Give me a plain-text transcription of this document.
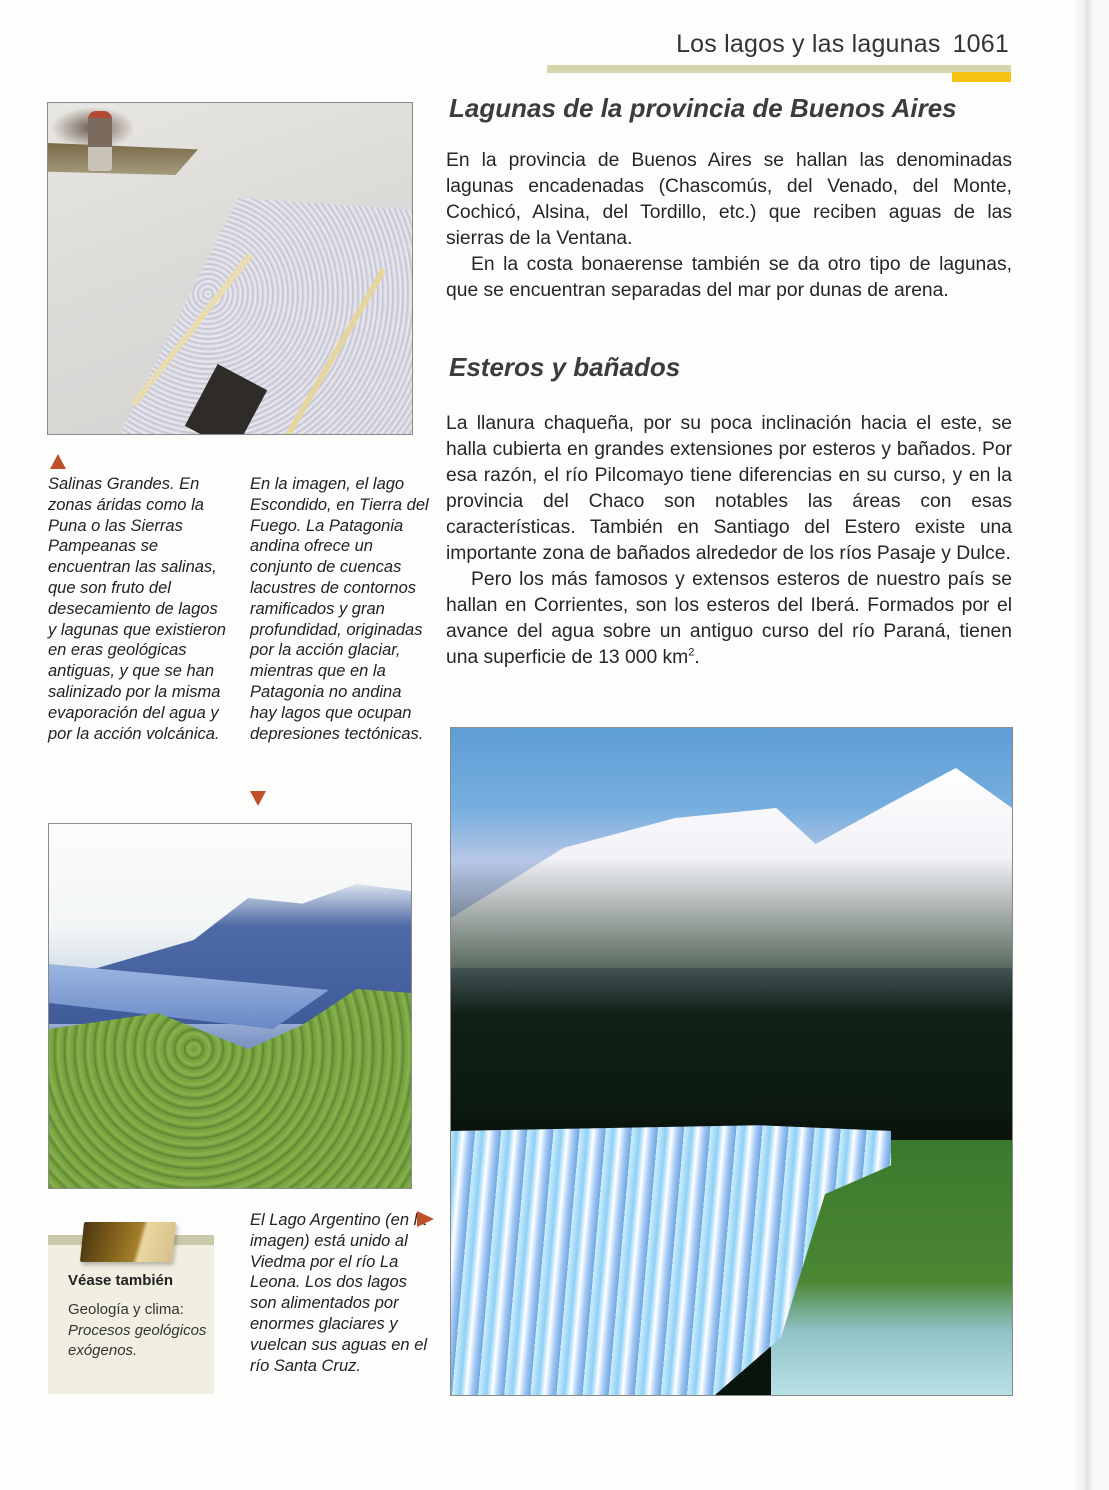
Los lagos y las lagunas 1061

Salinas Grandes. En zonas áridas como la Puna o las Sierras Pampeanas se encuentran las salinas, que son fruto del desecamiento de lagos y lagunas que existieron en eras geológicas antiguas, y que se han salinizado por la misma evaporación del agua y por la acción volcánica.

En la imagen, el lago Escondido, en Tierra del Fuego. La Patagonia andina ofrece un conjunto de cuencas lacustres de contornos ramificados y gran profundidad, originadas por la acción glaciar, mientras que en la Patagonia no andina hay lagos que ocupan depresiones tectónicas.

Véase también
Geología y clima:
Procesos geológicos exógenos.

El Lago Argentino (en la imagen) está unido al Viedma por el río La Leona. Los dos lagos son alimentados por enormes glaciares y vuelcan sus aguas en el río Santa Cruz.

Lagunas de la provincia de Buenos Aires

En la provincia de Buenos Aires se hallan las denominadas lagunas encadenadas (Chascomús, del Venado, del Monte, Cochicó, Alsina, del Tordillo, etc.) que reciben aguas de las sierras de la Ventana.

En la costa bonaerense también se da otro tipo de lagunas, que se encuentran separadas del mar por dunas de arena.

Esteros y bañados

La llanura chaqueña, por su poca inclinación hacia el este, se halla cubierta en grandes extensiones por esteros y bañados. Por esa razón, el río Pilcomayo tiene diferencias en su curso, y en la provincia del Chaco son notables las áreas con esas características. También en Santiago del Estero existe una importante zona de bañados alrededor de los ríos Pasaje y Dulce.

Pero los más famosos y extensos esteros de nuestro país se hallan en Corrientes, son los esteros del Iberá. Formados por el avance del agua sobre un antiguo curso del río Paraná, tienen una superficie de 13 000 $km^2$.
